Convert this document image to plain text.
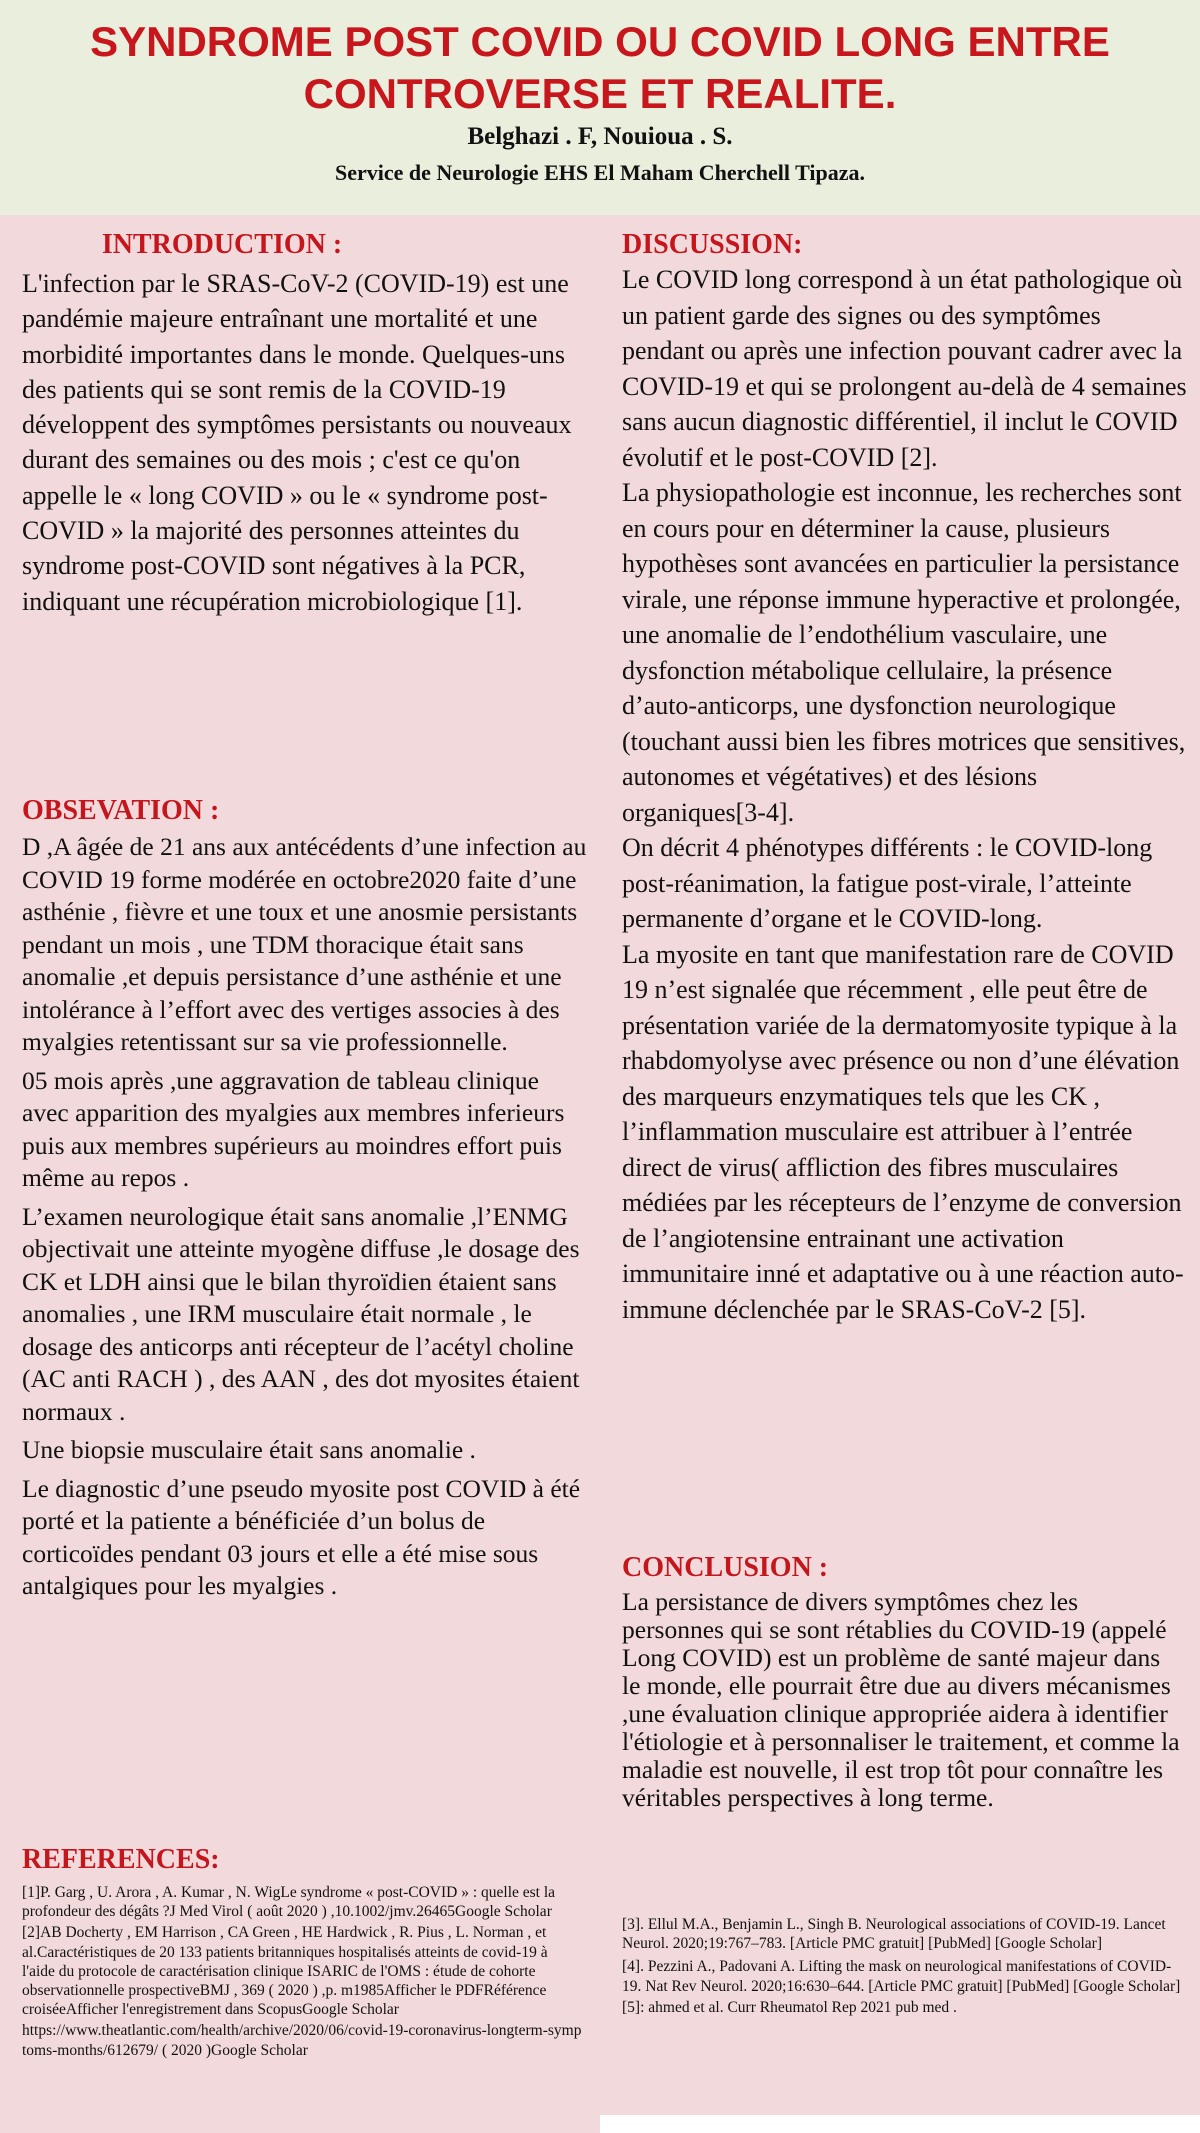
SYNDROME POST COVID OU COVID LONG ENTRE
CONTROVERSE ET REALITE.
Belghazi . F, Nouioua . S.
Service de Neurologie EHS El Maham Cherchell Tipaza.
INTRODUCTION :
L'infection par le SRAS-CoV-2 (COVID-19) est une pandémie majeure entraînant une mortalité et une morbidité importantes dans le monde. Quelques-uns des patients qui se sont remis de la COVID-19 développent des symptômes persistants ou nouveaux durant des semaines ou des mois ; c'est ce qu'on appelle le « long COVID » ou le « syndrome post-COVID » la majorité des personnes atteintes du syndrome post-COVID sont négatives à la PCR, indiquant une récupération microbiologique [1].
OBSEVATION :

D ,A âgée de 21 ans aux antécédents d’une infection au COVID 19 forme modérée en octobre2020 faite d’une asthénie , fièvre et une toux et une anosmie persistants pendant un mois , une TDM thoracique était sans anomalie ,et depuis persistance d’une asthénie et une intolérance à l’effort avec des vertiges associes à des myalgies retentissant sur sa vie professionnelle.

05 mois après ,une aggravation de tableau clinique avec apparition des myalgies aux membres inferieurs puis aux membres supérieurs au moindres effort puis même au repos .

L’examen neurologique était sans anomalie ,l’ENMG objectivait une atteinte myogène diffuse ,le dosage des CK et LDH ainsi que le bilan thyroïdien étaient sans anomalies , une IRM musculaire était normale , le dosage des anticorps anti récepteur de l’acétyl choline (AC anti RACH ) , des AAN , des dot myosites étaient normaux .

Une biopsie musculaire était sans anomalie .

Le diagnostic d’une pseudo myosite post COVID à été porté et la patiente a bénéficiée d’un bolus de corticoïdes pendant 03 jours et elle a été mise sous antalgiques pour les myalgies .

REFERENCES:

[1]P. Garg , U. Arora , A. Kumar , N. WigLe syndrome « post-COVID » : quelle est la profondeur des dégâts ?J Med Virol ( août 2020 ) ,10.1002/jmv.26465Google Scholar

[2]AB Docherty , EM Harrison , CA Green , HE Hardwick , R. Pius , L. Norman , et al.Caractéristiques de 20 133 patients britanniques hospitalisés atteints de covid-19 à l'aide du protocole de caractérisation clinique ISARIC de l'OMS : étude de cohorte observationnelle prospectiveBMJ , 369 ( 2020 ) ,p. m1985Afficher le PDFRéférence croiséeAfficher l'enregistrement dans ScopusGoogle Scholar

https://www.theatlantic.com/health/archive/2020/06/covid-19-coronavirus-longterm-symptoms-months/612679/ ( 2020 )Google Scholar

DISCUSSION:

Le COVID long correspond à un état pathologique où un patient garde des signes ou des symptômes pendant ou après une infection pouvant cadrer avec la COVID-19 et qui se prolongent au-delà de 4 semaines sans aucun diagnostic différentiel, il inclut le COVID évolutif et le post-COVID [2].

La physiopathologie est inconnue, les recherches sont en cours pour en déterminer la cause, plusieurs hypothèses sont avancées en particulier la persistance virale, une réponse immune hyperactive et prolongée, une anomalie de l’endothélium vasculaire, une dysfonction métabolique cellulaire, la présence d’auto-anticorps, une dysfonction neurologique (touchant aussi bien les fibres motrices que sensitives, autonomes et végétatives) et des lésions organiques[3-4].

On décrit 4 phénotypes différents : le COVID-long post-réanimation, la fatigue post-virale, l’atteinte permanente d’organe et le COVID-long.

La myosite en tant que manifestation rare de COVID 19 n’est signalée que récemment , elle peut être de présentation variée de la dermatomyosite typique à la rhabdomyolyse avec présence ou non d’une élévation des marqueurs enzymatiques tels que les CK , l’inflammation musculaire est attribuer à l’entrée direct de virus( affliction des fibres musculaires médiées par les récepteurs de l’enzyme de conversion de l’angiotensine entrainant une activation immunitaire inné et adaptative ou à une réaction auto-immune déclenchée par le SRAS-CoV-2 [5].

CONCLUSION :
La persistance de divers symptômes chez les personnes qui se sont rétablies du COVID-19 (appelé Long COVID) est un problème de santé majeur dans le monde, elle pourrait être due au divers mécanismes ,une évaluation clinique appropriée aidera à identifier l'étiologie et à personnaliser le traitement, et comme la maladie est nouvelle, il est trop tôt pour connaître les véritables perspectives à long terme.

[3]. Ellul M.A., Benjamin L., Singh B. Neurological associations of COVID-19. Lancet Neurol. 2020;19:767–783. [Article PMC gratuit] [PubMed] [Google Scholar]

[4]. Pezzini A., Padovani A. Lifting the mask on neurological manifestations of COVID-19. Nat Rev Neurol. 2020;16:630–644. [Article PMC gratuit] [PubMed] [Google Scholar]

[5]: ahmed et al. Curr Rheumatol Rep 2021 pub med .
